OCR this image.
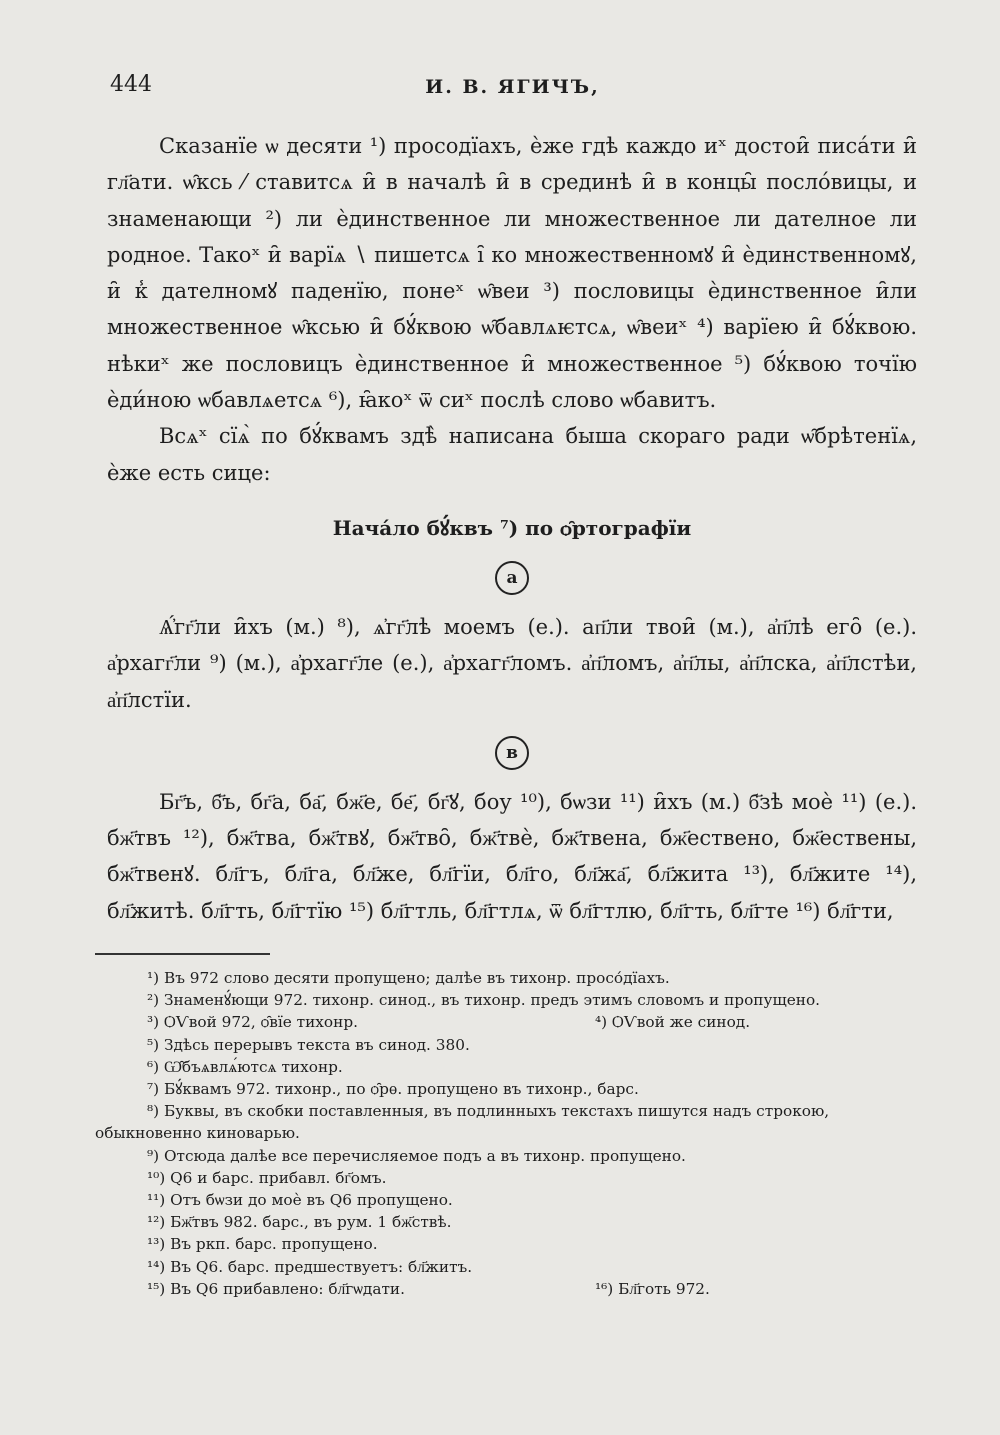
444	И. В. ЯГИЧЪ,

Сказанїе ѡ десяти ¹) просодїахъ, ѐже гдѣ каждо иˣ достои̑ писа́ти и̑ гл҃ати. ѡ̑ксь ⁄ ставитсѧ и̑ в началѣ и̑ в срединѣ и̑ в концы̑ посло́вицы, и знаменающи ²) ли ѐдинственное ли множественное ли дателное ли родное. Такоˣ и̑ варїѧ ∖ пишетсѧ і̑ ко множественномꙋ и̑ ѐдинственномꙋ, и̑ к̾ дателномꙋ паденїю, понеˣ ѡ̑веи ³) пословицы ѐдинственное и̑ли множественное ѡ̑ксью и̑ бꙋ́квою ѡ̑бавлѧѥтсѧ, ѡ̑веиˣ ⁴) варїею и̑ бꙋ́квою. нѣкиˣ же пословицъ ѐдинственное и̑ множественное ⁵) бꙋ́квою точїю ѐди́ною ѡбавлѧетсѧ ⁶), ꙗ̑коˣ ѿ сиˣ послѣ слово ѡбавитъ.

Всѧˣ сїѧ̀ по бꙋ́квамъ здѣ̀ написана быша скораго ради ѡ̑брѣтенїѧ, ѐже есть сице:

Нача́ло бꙋ́квъ ⁷) по ѻ̑ртографїи
а

Ѧ҆́гг҃ли и̑хъ (м.) ⁸), ѧ҆гг҃лѣ моемъ (е.). ап҃ли твои̑ (м.), а҆п҃лѣ его̑ (е.). а҆рхагг҃ли ⁹) (м.), а҆рхагг҃ле (е.), а҆рхагг҃ломъ. а҆п҃ломъ, а҆п҃лы, а҆п҃лска, а҆п҃лстѣи, а҆п҃лстїи.

в

Бг҃ъ, б҃ъ, бг҃а, ба҃, бж҃е, бе҃, бг҃ꙋ, боу ¹⁰), бѡзи ¹¹) и̑хъ (м.) б҃зѣ моѐ ¹¹) (е.). бж҃твъ ¹²), бж҃тва, бж҃твꙋ, бж҃тво̑, бж҃твѐ, бж҃твена, бж҃ествено, бж҃ествены, бж҃твенꙋ. бл҃гъ, бл҃га, бл҃же, бл҃гїи, бл҃го, бл҃жа҃, бл҃жита ¹³), бл҃жите ¹⁴), бл҃житѣ. бл҃гть, бл҃гтїю ¹⁵) бл҃гтль, бл҃гтлѧ, ѿ бл҃гтлю, бл҃гть, бл҃гте ¹⁶) бл҃гти,

¹) Въ 972 слово десяти пропущено; далѣе въ тихонр. просо́дїахъ.

²) Знаменꙋ́ющи 972. тихонр. синод., въ тихонр. предъ этимъ словомъ и пропущено.

³) ѺѴвой 972, ѻ̑вїе тихонр.	⁴) ѺѴвой же синод.

⁵) Здѣсь перерывъ текста въ синод. 380.

⁶) Ѡ̑бъѧвлѧ́ютсѧ тихонр.

⁷) Бꙋ́квамъ 972. тихонр., по ѻ̑рѳ. пропущено въ тихонр., барс.

⁸) Буквы, въ скобки поставленныя, въ подлинныхъ текстахъ пишутся надъ строкою, обыкновенно киноварью.

⁹) Отсюда далѣе все перечисляемое подъ а въ тихонр. пропущено.

¹⁰) Q6 и барс. прибавл. бг҃омъ.

¹¹) Отъ бѡзи до моѐ въ Q6 пропущено.

¹²) Бж҃твъ 982. барс., въ рум. 1 бж҃ствѣ.

¹³) Въ ркп. барс. пропущено.

¹⁴) Въ Q6. барс. предшествуетъ: бл҃житъ.

¹⁵) Въ Q6 прибавлено: бл҃гѡдати.	¹⁶) Бл҃готь 972.
